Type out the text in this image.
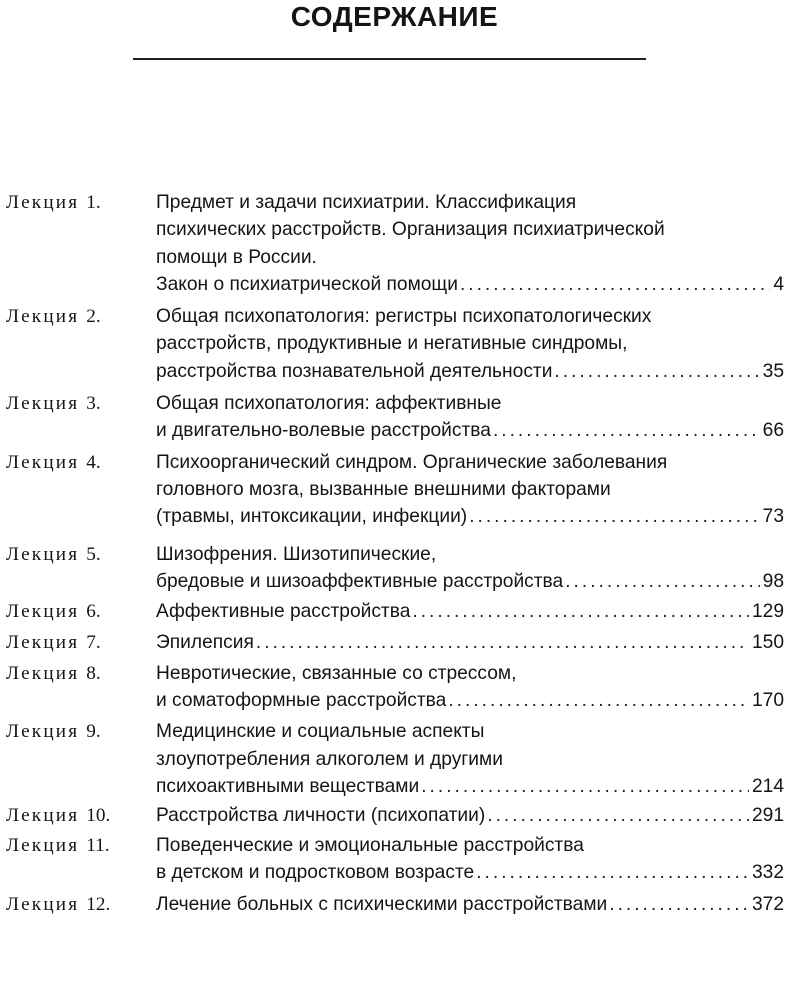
СОДЕРЖАНИЕ
Лекция 1.	Предмет и задачи психиатрии. Классификация
психических расстройств. Организация психиатрической
помощи в России.
Закон о психиатрической помощи .....	4
Лекция 2.	Общая психопатология: регистры психопатологических
расстройств, продуктивные и негативные синдромы,
расстройства познавательной деятельности .....	35
Лекция 3.	Общая психопатология: аффективные
и двигательно-волевые расстройства .....	66
Лекция 4.	Психоорганический синдром. Органические заболевания
головного мозга, вызванные внешними факторами
(травмы, интоксикации, инфекции) .....	73
Лекция 5.	Шизофрения. Шизотипические,
бредовые и шизоаффективные расстройства .....	98
Лекция 6.	Аффективные расстройства .....	129
Лекция 7.	Эпилепсия .....	150
Лекция 8.	Невротические, связанные со стрессом,
и соматоформные расстройства .....	170
Лекция 9.	Медицинские и социальные аспекты
злоупотребления алкоголем и другими
психоактивными веществами .....	214
Лекция 10.	Расстройства личности (психопатии) .....	291
Лекция 11.	Поведенческие и эмоциональные расстройства
в детском и подростковом возрасте .....	332
Лекция 12.	Лечение больных с психическими расстройствами .....	372
